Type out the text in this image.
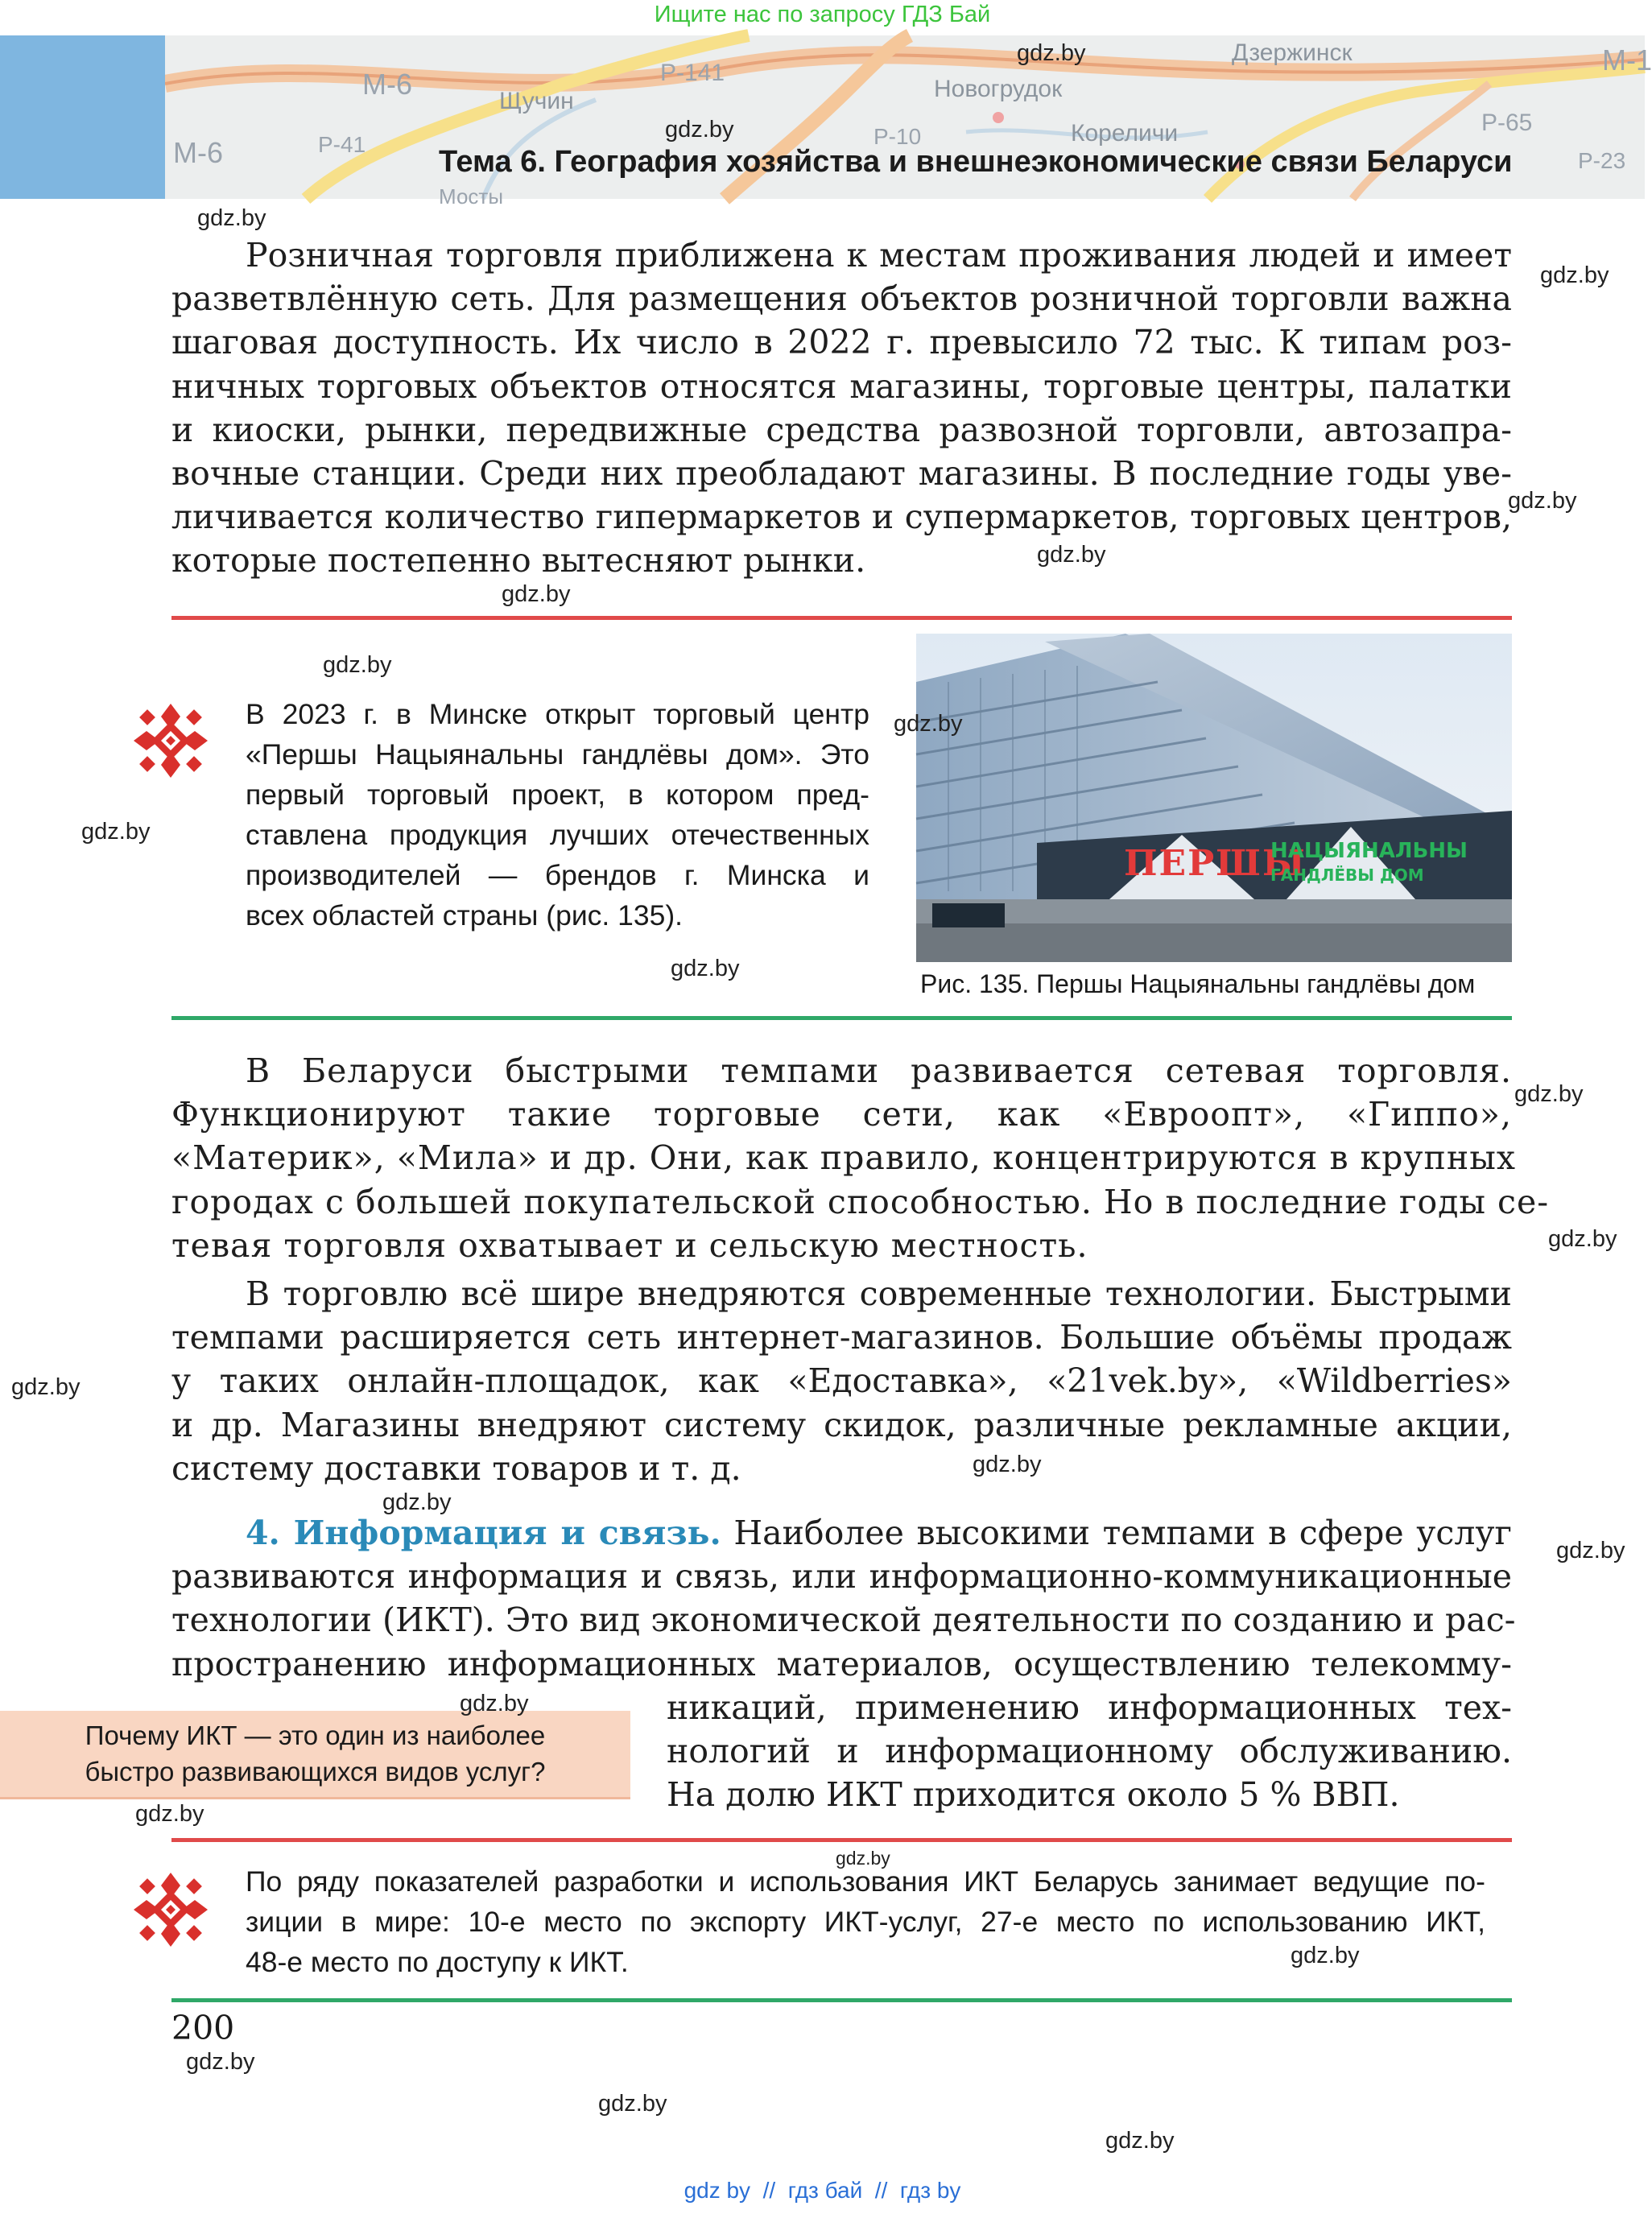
Ищите нас по запросу ГДЗ Бай
М-6
Щучин
Р-141
Новогрудок
Дзержинск	М-1
Кореличи	Р-65
Р-10
Р-41
М-6	Р-23
Мосты
Тема 6. География хозяйства и внешнеэкономические связи Беларуси
Розничная торговля приближена к местам проживания людей и имеет
разветвлённую сеть. Для размещения объектов розничной торговли важна
шаговая доступность. Их число в 2022 г. превысило 72 тыс. К типам роз-
ничных торговых объектов относятся магазины, торговые центры, палатки
и киоски, рынки, передвижные средства развозной торговли, автозапра-
вочные станции. Среди них преобладают магазины. В последние годы уве-
личивается количество гипермаркетов и супермаркетов, торговых центров,
которые постепенно вытесняют рынки.
В 2023 г. в Минске открыт торговый центр
«Першы Нацыянальны гандлёвы дом». Это
первый торговый проект, в котором пред-
ставлена продукция лучших отечественных
производителей — брендов г. Минска и
всех областей страны (рис. 135).
ПЕРШЫ
НАЦЫЯНАЛЬНЫ
ГАНДЛЁВЫ ДОМ
Рис. 135. Першы Нацыянальны гандлёвы дом
В Беларуси быстрыми темпами развивается сетевая торговля.
Функционируют такие торговые сети, как «Евроопт», «Гиппо»,
«Материк», «Мила» и др. Они, как правило, концентрируются в крупных
городах с большей покупательской способностью. Но в последние годы се-
тевая торговля охватывает и сельскую местность.
В торговлю всё шире внедряются современные технологии. Быстрыми
темпами расширяется сеть интернет-магазинов. Большие объёмы продаж
у таких онлайн-площадок, как «Едоставка», «21vek.by», «Wildberries»
и др. Магазины внедряют систему скидок, различные рекламные акции,
систему доставки товаров и т. д.
4. Информация и связь. Наиболее высокими темпами в сфере услуг
развиваются информация и связь, или информационно-коммуникационные
технологии (ИКТ). Это вид экономической деятельности по созданию и рас-
пространению информационных материалов, осуществлению телекомму-
никаций, применению информационных тех-
нологий и информационному обслуживанию.
На долю ИКТ приходится около 5 % ВВП.
Почему ИКТ — это один из наиболее
быстро развивающихся видов услуг?
По ряду показателей разработки и использования ИКТ Беларусь занимает ведущие по-
зиции в мире: 10-е место по экспорту ИКТ-услуг, 27-е место по использованию ИКТ,
48-е место по доступу к ИКТ.
200
gdz by  //  гдз бай  //  гдз by
gdz.by
gdz.by
gdz.by
gdz.by
gdz.by
gdz.by
gdz.by
gdz.by
gdz.by
gdz.by
gdz.by
gdz.by
gdz.by
gdz.by
gdz.by
gdz.by
gdz.by
gdz.by
gdz.by
gdz.by
gdz.by
gdz.by
gdz.by
gdz.by
